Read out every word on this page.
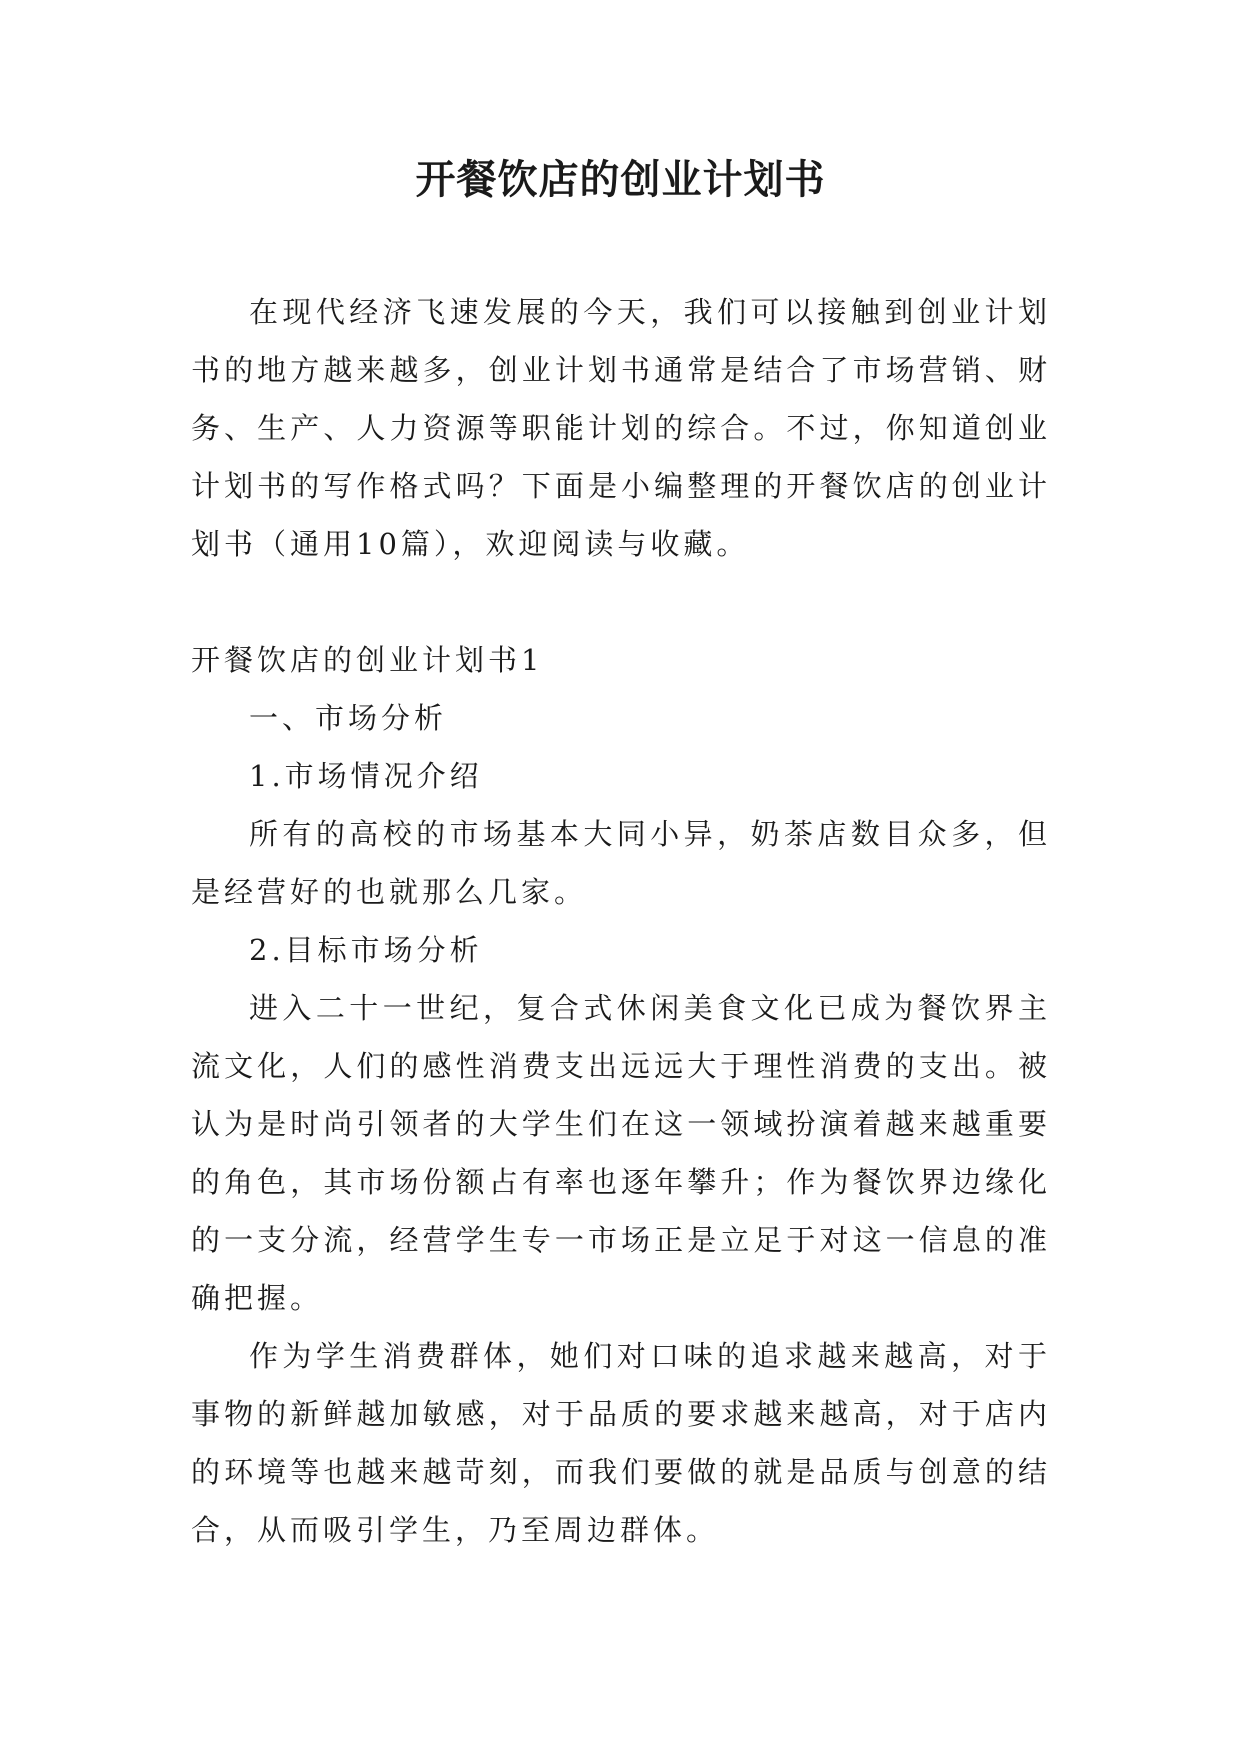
开餐饮店的创业计划书

在现代经济飞速发展的今天，我们可以接触到创业计划书的地方越来越多，创业计划书通常是结合了市场营销、财务、生产、人力资源等职能计划的综合。不过，你知道创业计划书的写作格式吗？下面是小编整理的开餐饮店的创业计划书（通用10篇），欢迎阅读与收藏。

开餐饮店的创业计划书1

一、市场分析

1.市场情况介绍

所有的高校的市场基本大同小异，奶茶店数目众多，但是经营好的也就那么几家。

2.目标市场分析

进入二十一世纪，复合式休闲美食文化已成为餐饮界主流文化，人们的感性消费支出远远大于理性消费的支出。被认为是时尚引领者的大学生们在这一领域扮演着越来越重要的角色，其市场份额占有率也逐年攀升；作为餐饮界边缘化的一支分流，经营学生专一市场正是立足于对这一信息的准确把握。

作为学生消费群体，她们对口味的追求越来越高，对于事物的新鲜越加敏感，对于品质的要求越来越高，对于店内的环境等也越来越苛刻，而我们要做的就是品质与创意的结合，从而吸引学生，乃至周边群体。
